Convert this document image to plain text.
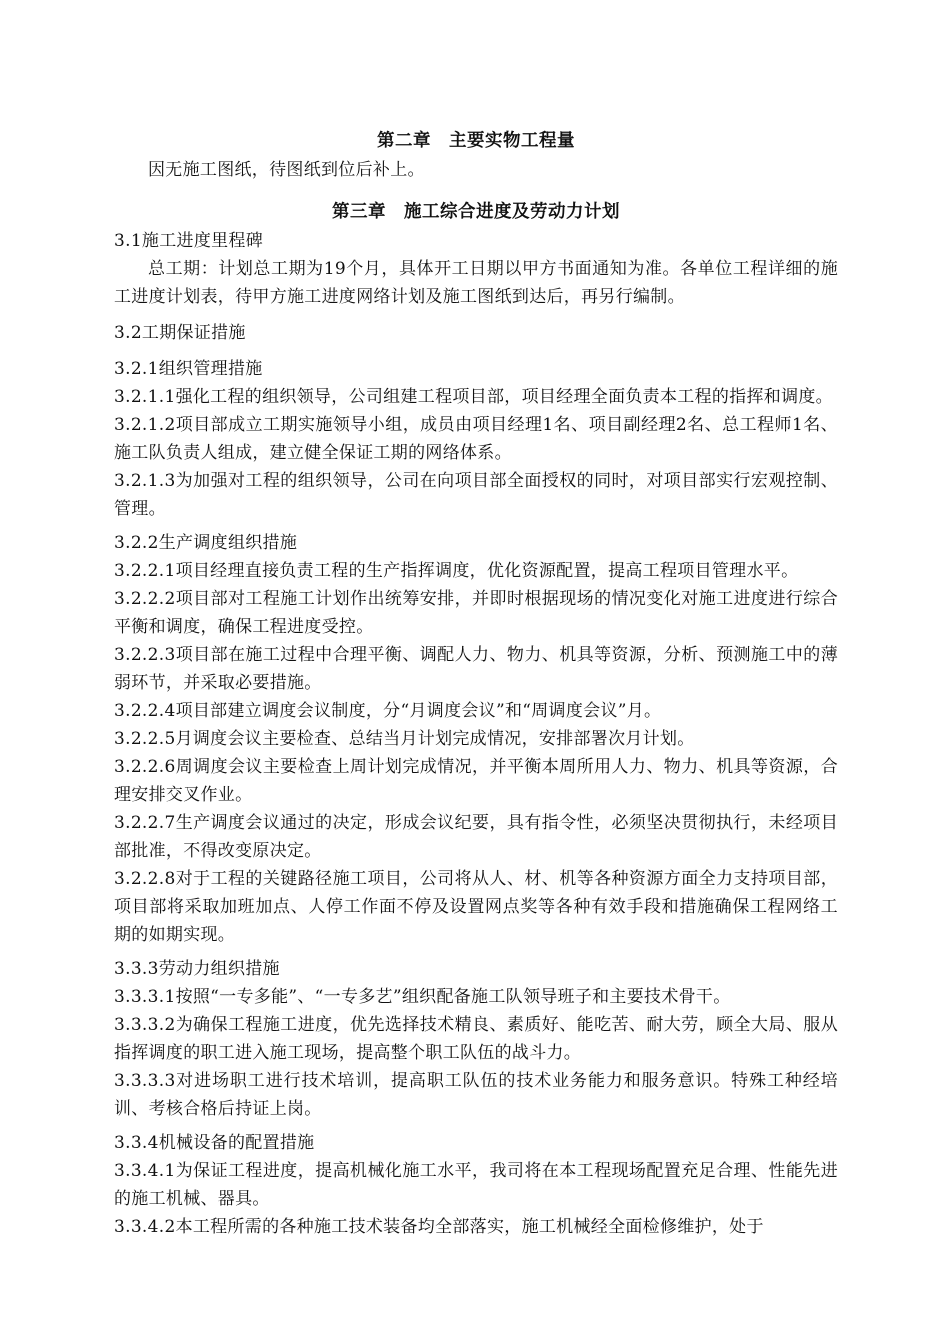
第二章　主要实物工程量

因无施工图纸，待图纸到位后补上。

第三章　施工综合进度及劳动力计划

3.1施工进度里程碑

总工期：计划总工期为19个月，具体开工日期以甲方书面通知为准。各单位工程详细的施工进度计划表，待甲方施工进度网络计划及施工图纸到达后，再另行编制。

3.2工期保证措施

3.2.1组织管理措施

3.2.1.1强化工程的组织领导，公司组建工程项目部，项目经理全面负责本工程的指挥和调度。

3.2.1.2项目部成立工期实施领导小组，成员由项目经理1名、项目副经理2名、总工程师1名、施工队负责人组成，建立健全保证工期的网络体系。

3.2.1.3为加强对工程的组织领导，公司在向项目部全面授权的同时，对项目部实行宏观控制、管理。

3.2.2生产调度组织措施

3.2.2.1项目经理直接负责工程的生产指挥调度，优化资源配置，提高工程项目管理水平。

3.2.2.2项目部对工程施工计划作出统筹安排，并即时根据现场的情况变化对施工进度进行综合平衡和调度，确保工程进度受控。

3.2.2.3项目部在施工过程中合理平衡、调配人力、物力、机具等资源，分析、预测施工中的薄弱环节，并采取必要措施。

3.2.2.4项目部建立调度会议制度，分“月调度会议”和“周调度会议”月。

3.2.2.5月调度会议主要检查、总结当月计划完成情况，安排部署次月计划。

3.2.2.6周调度会议主要检查上周计划完成情况，并平衡本周所用人力、物力、机具等资源，合理安排交叉作业。

3.2.2.7生产调度会议通过的决定，形成会议纪要，具有指令性，必须坚决贯彻执行，未经项目部批准，不得改变原决定。

3.2.2.8对于工程的关键路径施工项目，公司将从人、材、机等各种资源方面全力支持项目部，项目部将采取加班加点、人停工作面不停及设置网点奖等各种有效手段和措施确保工程网络工期的如期实现。

3.3.3劳动力组织措施

3.3.3.1按照“一专多能”、“一专多艺”组织配备施工队领导班子和主要技术骨干。

3.3.3.2为确保工程施工进度，优先选择技术精良、素质好、能吃苦、耐大劳，顾全大局、服从指挥调度的职工进入施工现场，提高整个职工队伍的战斗力。

3.3.3.3对进场职工进行技术培训，提高职工队伍的技术业务能力和服务意识。特殊工种经培训、考核合格后持证上岗。

3.3.4机械设备的配置措施

3.3.4.1为保证工程进度，提高机械化施工水平，我司将在本工程现场配置充足合理、性能先进的施工机械、器具。

3.3.4.2本工程所需的各种施工技术装备均全部落实，施工机械经全面检修维护，处于
